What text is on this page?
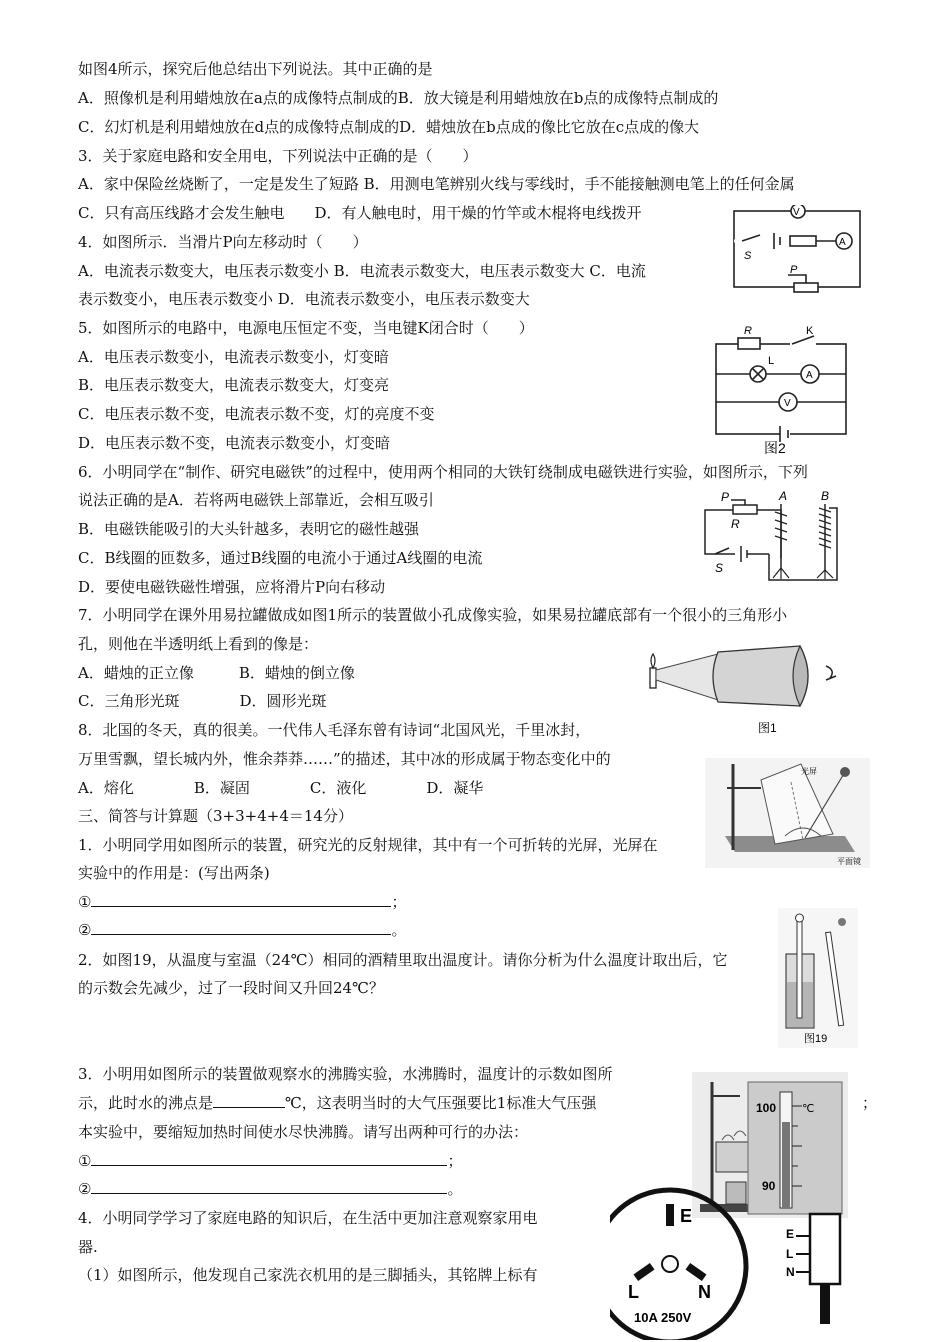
如图4所示，探究后他总结出下列说法。其中正确的是
A．照像机是利用蜡烛放在a点的成像特点制成的B．放大镜是利用蜡烛放在b点的成像特点制成的
C．幻灯机是利用蜡烛放在d点的成像特点制成的D．蜡烛放在b点成的像比它放在c点成的像大
3．关于家庭电路和安全用电，下列说法中正确的是（　　）
A．家中保险丝烧断了，一定是发生了短路 B．用测电笔辨别火线与零线时，手不能接触测电笔上的任何金属
C．只有高压线路才会发生触电　　D．有人触电时，用干燥的竹竿或木棍将电线拨开
4．如图所示．当滑片P向左移动时（　　）
A．电流表示数变大，电压表示数变小 B．电流表示数变大，电压表示数变大 C．电流
表示数变小，电压表示数变小 D．电流表示数变小，电压表示数变大
5．如图所示的电路中，电源电压恒定不变，当电键K闭合时（　　）
A．电压表示数变小，电流表示数变小，灯变暗
B．电压表示数变大，电流表示数变大，灯变亮
C．电压表示数不变，电流表示数不变，灯的亮度不变
D．电压表示数不变，电流表示数变小，灯变暗
6．小明同学在“制作、研究电磁铁”的过程中，使用两个相同的大铁钉绕制成电磁铁进行实验，如图所示，下列
说法正确的是A．若将两电磁铁上部靠近，会相互吸引
B．电磁铁能吸引的大头针越多，表明它的磁性越强
C．B线圈的匝数多，通过B线圈的电流小于通过A线圈的电流
D．要使电磁铁磁性增强，应将滑片P向右移动
7．小明同学在课外用易拉罐做成如图1所示的装置做小孔成像实验，如果易拉罐底部有一个很小的三角形小
孔，则他在半透明纸上看到的像是：
A．蜡烛的正立像　　　B．蜡烛的倒立像
C．三角形光斑　　　　D．圆形光斑
8．北国的冬天，真的很美。一代伟人毛泽东曾有诗词“北国风光，千里冰封，
万里雪飘，望长城内外，惟余莽莽……”的描述，其中冰的形成属于物态变化中的
A．熔化　　　　B．凝固　　　　C．液化　　　　D．凝华
三、简答与计算题（3+3+4+4＝14分）
1．小明同学用如图所示的装置，研究光的反射规律，其中有一个可折转的光屏，光屏在
实验中的作用是：(写出两条)
①	；
②	。
2．如图19，从温度与室温（24℃）相同的酒精里取出温度计。请你分析为什么温度计取出后，它
的示数会先减少，过了一段时间又升回24℃？
3．小明用如图所示的装置做观察水的沸腾实验，水沸腾时，温度计的示数如图所
示，此时水的沸点是	℃，这表明当时的大气压强要比1标准大气压强
本实验中，要缩短加热时间使水尽快沸腾。请写出两种可行的办法：
①	；
②	。
4．小明同学学习了家庭电路的知识后，在生活中更加注意观察家用电
器.
（1）如图所示，他发现自己家洗衣机用的是三脚插头，其铭牌上标有
；
V
A
S
P
R	K
L
A
V
图2
P
R
A	B
S
图1
光屏
平面镜
图19
100 ℃
90
E
L	N
10A 250V
E
L
N
